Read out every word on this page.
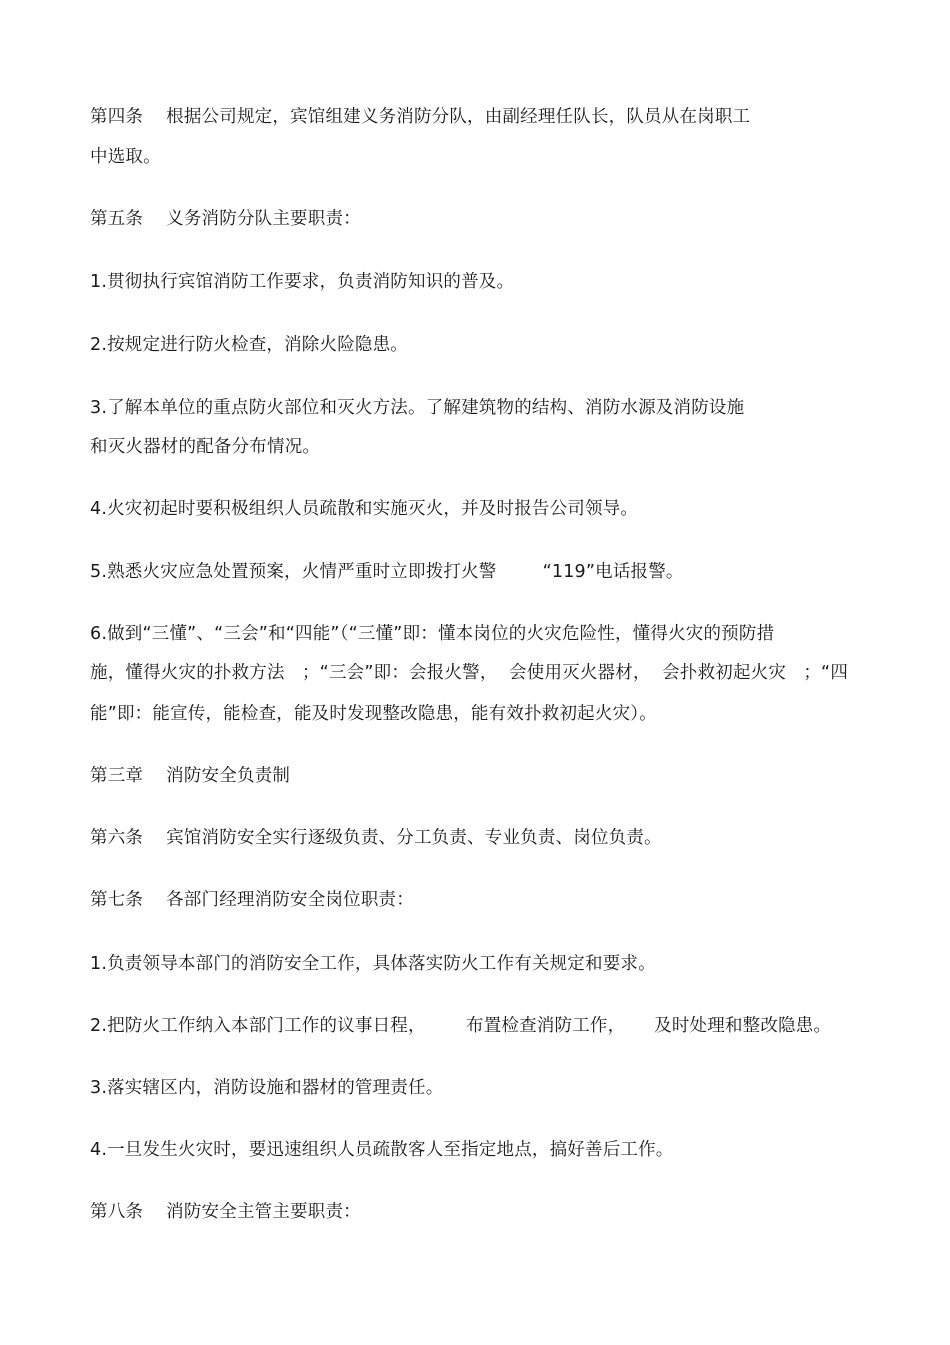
第四条    根据公司规定，宾馆组建义务消防分队，由副经理任队长，队员从在岗职工
中选取。
第五条    义务消防分队主要职责：
1.贯彻执行宾馆消防工作要求，负责消防知识的普及。
2.按规定进行防火检查，消除火险隐患。
3.了解本单位的重点防火部位和灭火方法。了解建筑物的结构、消防水源及消防设施
和灭火器材的配备分布情况。
4.火灾初起时要积极组织人员疏散和实施灭火，并及时报告公司领导。
5.熟悉火灾应急处置预案，火情严重时立即拨打火警        “119”电话报警。
6.做到“三懂”、“三会”和“四能”（“三懂”即：懂本岗位的火灾危险性，懂得火灾的预防措
施，懂得火灾的扑救方法   ；“三会”即：会报火警，  会使用灭火器材，  会扑救初起火灾   ；“四
能”即：能宣传，能检查，能及时发现整改隐患，能有效扑救初起火灾）。
第三章    消防安全负责制
第六条    宾馆消防安全实行逐级负责、分工负责、专业负责、岗位负责。
第七条    各部门经理消防安全岗位职责：
1.负责领导本部门的消防安全工作，具体落实防火工作有关规定和要求。
2.把防火工作纳入本部门工作的议事日程，       布置检查消防工作，     及时处理和整改隐患。
3.落实辖区内，消防设施和器材的管理责任。
4.一旦发生火灾时，要迅速组织人员疏散客人至指定地点，搞好善后工作。
第八条    消防安全主管主要职责：
